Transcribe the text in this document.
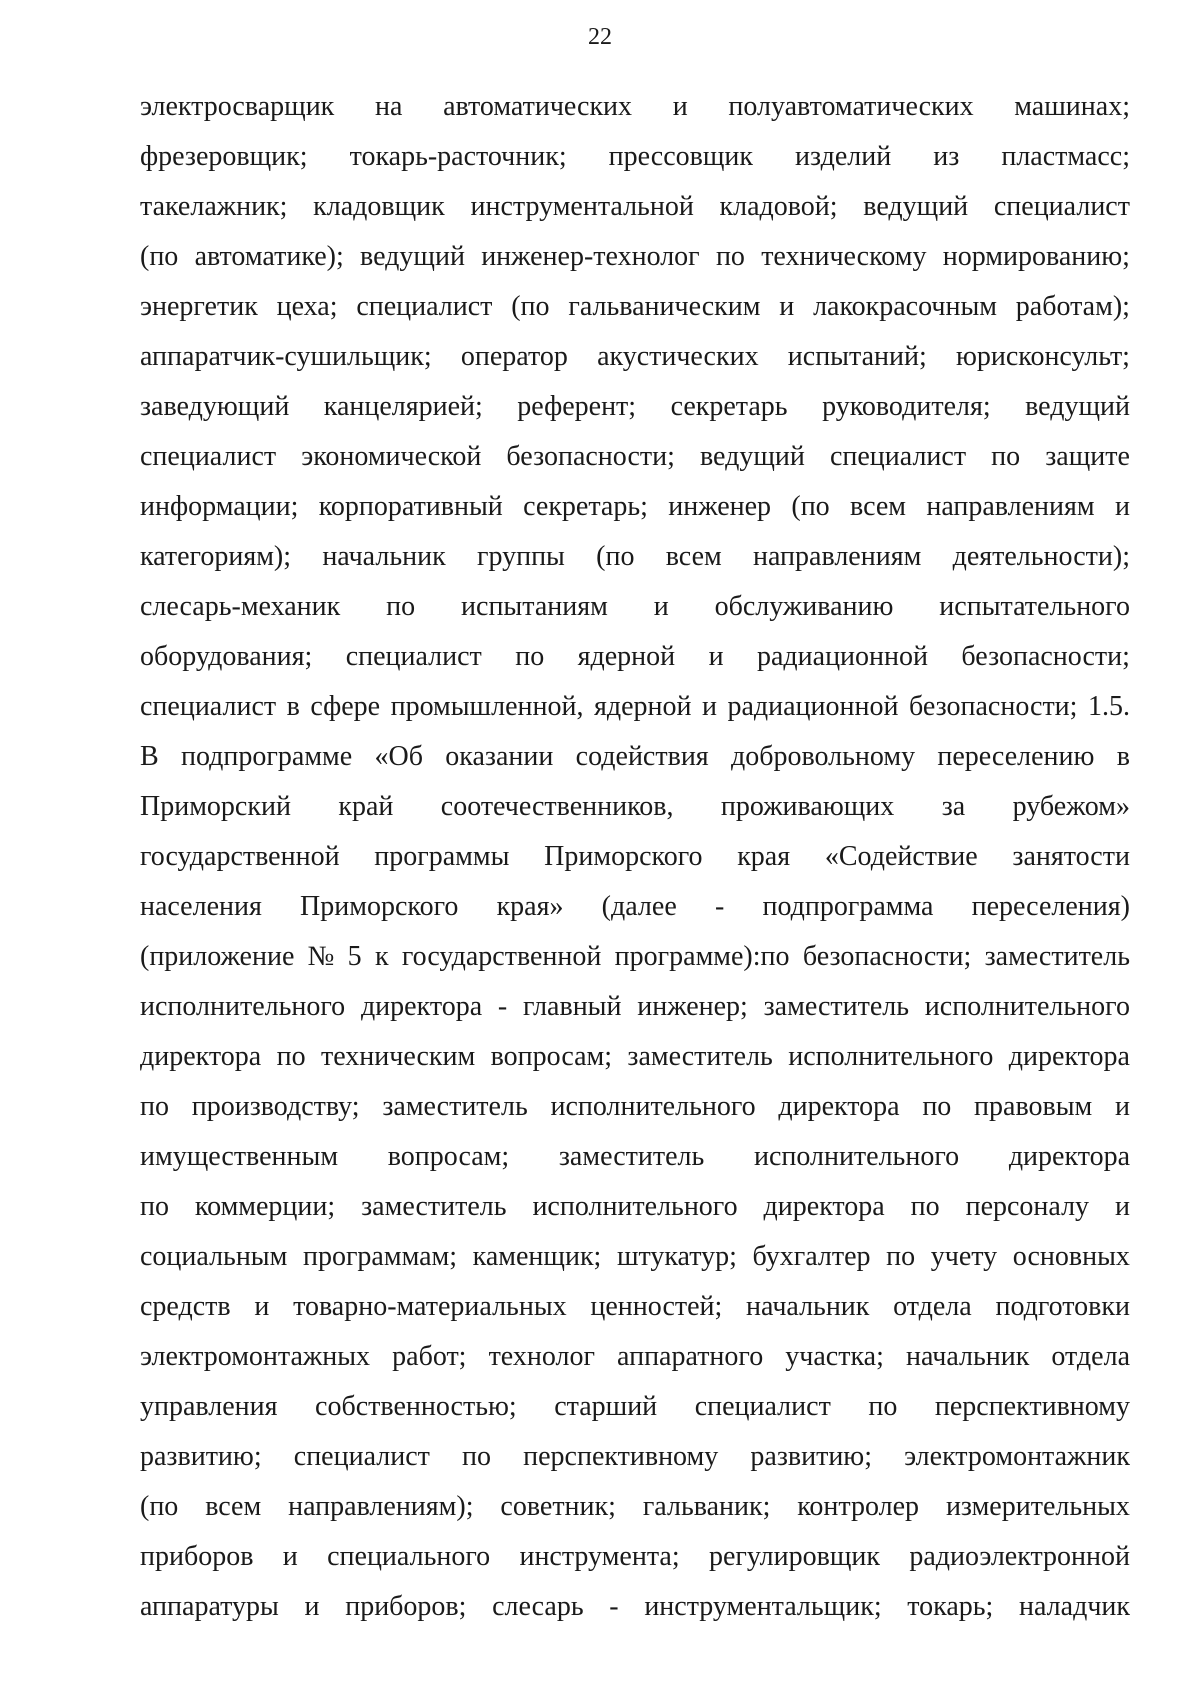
22
электросварщик на автоматических и полуавтоматических машинах;
фрезеровщик; токарь-расточник; прессовщик изделий из пластмасс;
такелажник; кладовщик инструментальной кладовой; ведущий специалист
(по автоматике); ведущий инженер-технолог по техническому нормированию;
энергетик цеха; специалист (по гальваническим и лакокрасочным работам);
аппаратчик-сушильщик; оператор акустических испытаний; юрисконсульт;
заведующий канцелярией; референт; секретарь руководителя; ведущий
специалист экономической безопасности; ведущий специалист по защите
информации; корпоративный секретарь; инженер (по всем направлениям и
категориям); начальник группы (по всем направлениям деятельности);
слесарь-механик по испытаниям и обслуживанию испытательного
оборудования; специалист по ядерной и радиационной безопасности;
специалист в сфере промышленной, ядерной и радиационной безопасности; 1.5.
В подпрограмме «Об оказании содействия добровольному переселению в
Приморский край соотечественников, проживающих за рубежом»
государственной программы Приморского края «Содействие занятости
населения Приморского края» (далее - подпрограмма переселения)
(приложение № 5 к государственной программе):по безопасности; заместитель
исполнительного директора - главный инженер; заместитель исполнительного
директора по техническим вопросам; заместитель исполнительного директора
по производству; заместитель исполнительного директора по правовым и
имущественным вопросам; заместитель исполнительного директора
по коммерции; заместитель исполнительного директора по персоналу и
социальным программам; каменщик; штукатур; бухгалтер по учету основных
средств и товарно-материальных ценностей; начальник отдела подготовки
электромонтажных работ; технолог аппаратного участка; начальник отдела
управления собственностью; старший специалист по перспективному
развитию; специалист по перспективному развитию; электромонтажник
(по всем направлениям); советник; гальваник; контролер измерительных
приборов и специального инструмента; регулировщик радиоэлектронной
аппаратуры и приборов; слесарь - инструментальщик; токарь; наладчик
